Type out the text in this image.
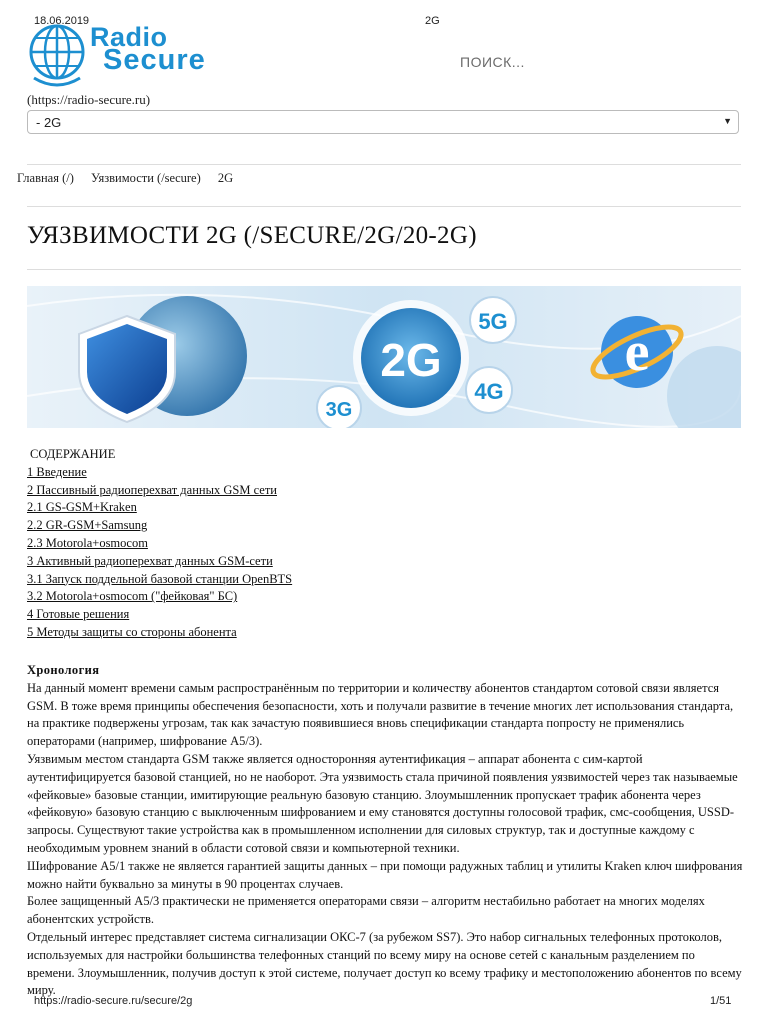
18.06.2019	2G
Radio
Secure	ПОИСК...
(https://radio-secure.ru)
- 2G	▼
Главная (/) Уязвимости (/secure) 2G
УЯЗВИМОСТИ 2G (/SECURE/2G/20-2G)
2G
5G
4G
3G
e
СОДЕРЖАНИЕ
1 Введение
2 Пассивный радиоперехват данных GSM сети
2.1 GS-GSM+Kraken
2.2 GR-GSM+Samsung
2.3 Motorola+osmocom
3 Активный радиоперехват данных GSM-сети
3.1 Запуск поддельной базовой станции OpenBTS
3.2 Motorola+osmocom ("фейковая" БС)
4 Готовые решения
5 Методы защиты со стороны абонента
Хронология

На данный момент времени самым распространённым по территории и количеству абонентов стандартом сотовой связи является GSM. В тоже время принципы обеспечения безопасности, хоть и получали развитие в течение многих лет использования стандарта, на практике подвержены угрозам, так как зачастую появившиеся вновь спецификации стандарта попросту не применялись операторами (например, шифрование А5/3).

Уязвимым местом стандарта GSM также является односторонняя аутентификация – аппарат абонента с сим-картой аутентифицируется базовой станцией, но не наоборот. Эта уязвимость стала причиной появления уязвимостей через так называемые «фейковые» базовые станции, имитирующие реальную базовую станцию. Злоумышленник пропускает трафик абонента через «фейковую» базовую станцию с выключенным шифрованием и ему становятся доступны голосовой трафик, смс-сообщения, USSD-запросы. Существуют такие устройства как в промышленном исполнении для силовых структур, так и доступные каждому с необходимым уровнем знаний в области сотовой связи и компьютерной техники.

Шифрование А5/1 также не является гарантией защиты данных – при помощи радужных таблиц и утилиты Kraken ключ шифрования можно найти буквально за минуты в 90 процентах случаев.

Более защищенный А5/3 практически не применяется операторами связи – алгоритм нестабильно работает на многих моделях абонентских устройств.

Отдельный интерес представляет система сигнализации ОКС-7 (за рубежом SS7). Это набор сигнальных телефонных протоколов, используемых для настройки большинства телефонных станций по всему миру на основе сетей с канальным разделением по времени. Злоумышленник, получив доступ к этой системе, получает доступ ко всему трафику и местоположению абонентов по всему миру.

https://radio-secure.ru/secure/2g	1/51
